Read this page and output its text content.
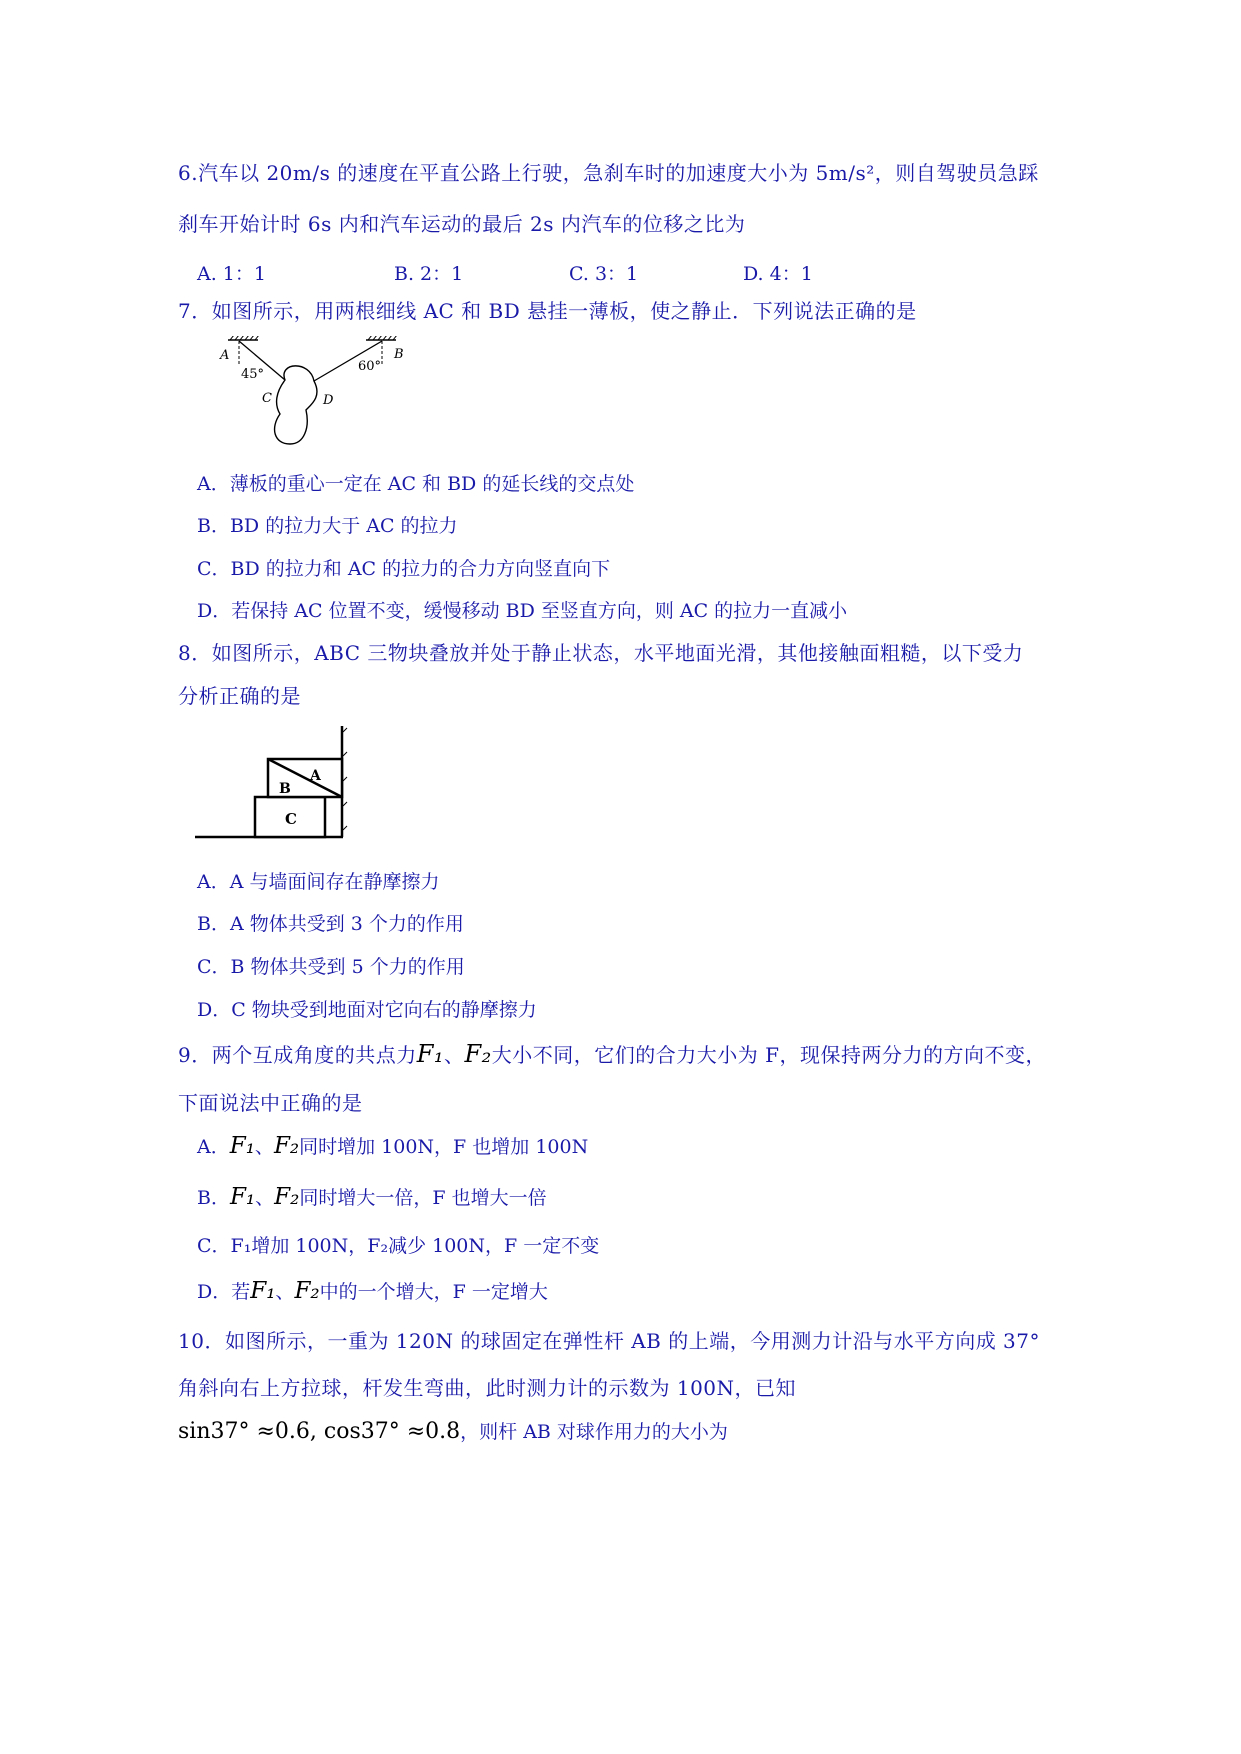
6.汽车以 20m/s 的速度在平直公路上行驶，急刹车时的加速度大小为 5m/s²，则自驾驶员急踩
刹车开始计时 6s 内和汽车运动的最后 2s 内汽车的位移之比为
A. 1：1	B. 2：1	C. 3：1	D. 4：1
7．如图所示，用两根细线 AC 和 BD 悬挂一薄板，使之静止．下列说法正确的是
A	B
45°
60°
C	D
A．薄板的重心一定在 AC 和 BD 的延长线的交点处
B．BD 的拉力大于 AC 的拉力
C．BD 的拉力和 AC 的拉力的合力方向竖直向下
D．若保持 AC 位置不变，缓慢移动 BD 至竖直方向，则 AC 的拉力一直减小
8．如图所示，ABC 三物块叠放并处于静止状态，水平地面光滑，其他接触面粗糙，以下受力
分析正确的是
A
B
C
A．A 与墙面间存在静摩擦力
B．A 物体共受到 3 个力的作用
C．B 物体共受到 5 个力的作用
D．C 物块受到地面对它向右的静摩擦力
9．两个互成角度的共点力F₁、F₂大小不同，它们的合力大小为 F，现保持两分力的方向不变，
下面说法中正确的是
A．F₁、F₂同时增加 100N，F 也增加 100N
B．F₁、F₂同时增大一倍，F 也增大一倍
C．F₁增加 100N，F₂减少 100N，F 一定不变
D．若F₁、F₂中的一个增大，F 一定增大
10．如图所示，一重为 120N 的球固定在弹性杆 AB 的上端，今用测力计沿与水平方向成 37°
角斜向右上方拉球，杆发生弯曲，此时测力计的示数为 100N，已知
sin37° ≈0.6, cos37° ≈0.8，则杆 AB 对球作用力的大小为
